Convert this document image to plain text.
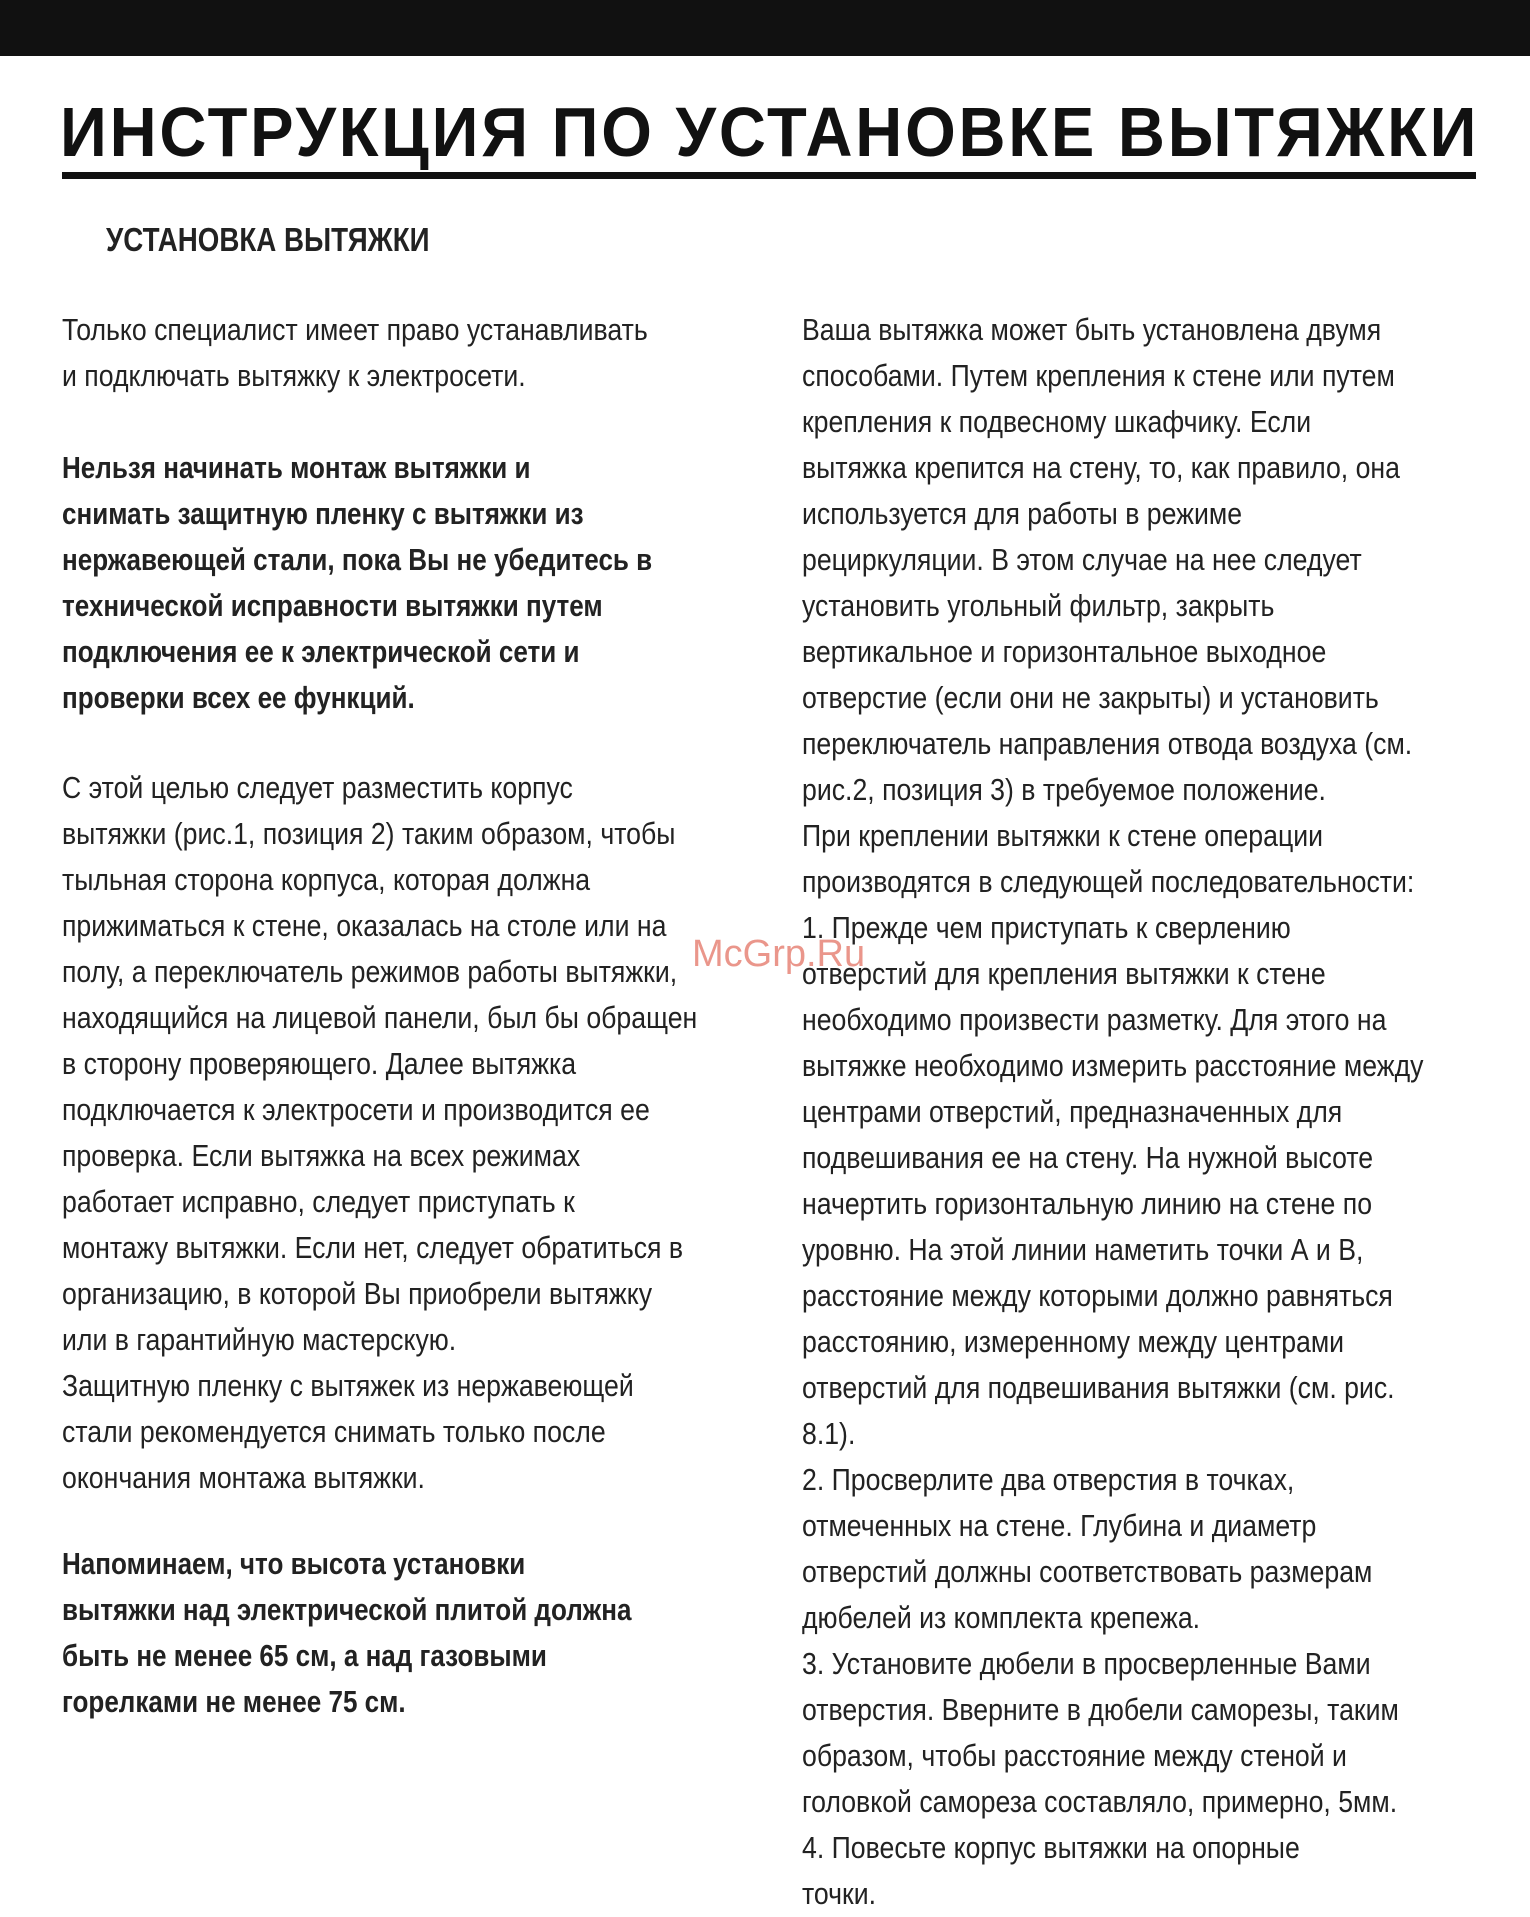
ИНСТРУКЦИЯ ПО УСТАНОВКЕ ВЫТЯЖКИ
УСТАНОВКА ВЫТЯЖКИ
Только специалист имеет право устанавливать
и подключать вытяжку к электросети.
Нельзя начинать монтаж вытяжки и
снимать защитную пленку с вытяжки из
нержавеющей стали, пока Вы не убедитесь в
технической исправности вытяжки путем
подключения ее к электрической сети и
проверки всех ее функций.
С этой целью следует разместить корпус
вытяжки (рис.1, позиция 2) таким образом, чтобы
тыльная сторона корпуса, которая должна
прижиматься к стене, оказалась на столе или на
полу, а переключатель режимов работы вытяжки,
находящийся на лицевой панели, был бы обращен
в сторону проверяющего. Далее вытяжка
подключается к электросети и производится ее
проверка. Если вытяжка на всех режимах
работает исправно, следует приступать к
монтажу вытяжки. Если нет, следует обратиться в
организацию, в которой Вы приобрели вытяжку
или в гарантийную мастерскую.
Защитную пленку с вытяжек из нержавеющей
стали рекомендуется снимать только после
окончания монтажа вытяжки.
Напоминаем, что высота установки
вытяжки над электрической плитой должна
быть не менее 65 см, а над газовыми
горелками не менее 75 см.
Ваша вытяжка может быть установлена двумя
способами. Путем крепления к стене или путем
крепления к подвесному шкафчику. Если
вытяжка крепится на стену, то, как правило, она
используется для работы в режиме
рециркуляции. В этом случае на нее следует
установить угольный фильтр, закрыть
вертикальное и горизонтальное выходное
отверстие (если они не закрыты) и установить
переключатель направления отвода воздуха (см.
рис.2, позиция 3) в требуемое положение.
При креплении вытяжки к стене операции
производятся в следующей последовательности:
1. Прежде чем приступать к сверлению
отверстий для крепления вытяжки к стене
необходимо произвести разметку. Для этого на
вытяжке необходимо измерить расстояние между
центрами отверстий, предназначенных для
подвешивания ее на стену. На нужной высоте
начертить горизонтальную линию на стене по
уровню. На этой линии наметить точки А и В,
расстояние между которыми должно равняться
расстоянию, измеренному между центрами
отверстий для подвешивания вытяжки (см. рис.
8.1).
2. Просверлите два отверстия в точках,
отмеченных на стене. Глубина и диаметр
отверстий должны соответствовать размерам
дюбелей из комплекта крепежа.
3. Установите дюбели в просверленные Вами
отверстия. Вверните в дюбели саморезы, таким
образом, чтобы расстояние между стеной и
головкой самореза составляло, примерно, 5мм.
4. Повесьте корпус вытяжки на опорные
точки.
McGrp.Ru
